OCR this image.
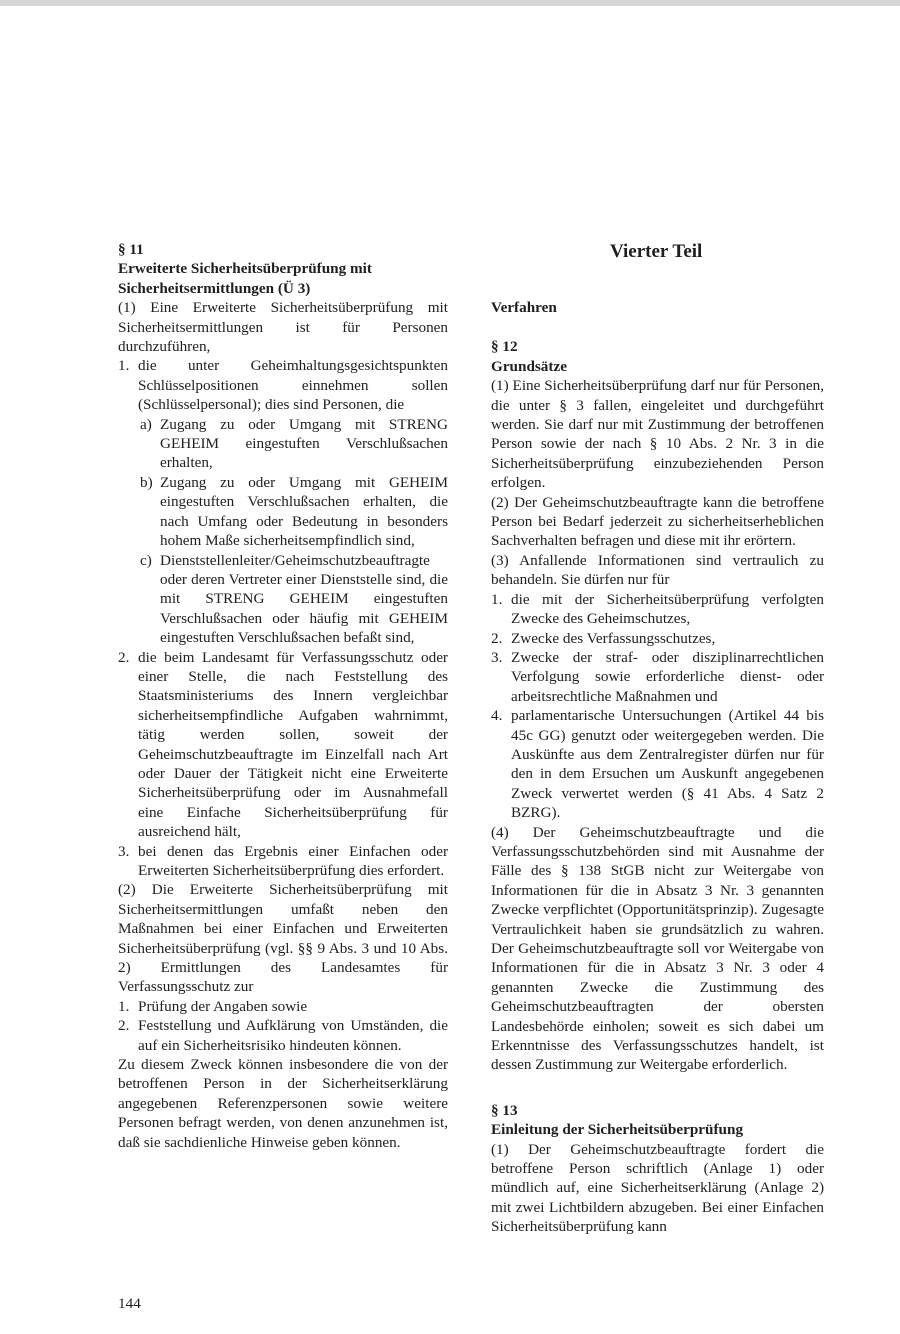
Vierter Teil

§ 11

Erweiterte Sicherheitsüberprüfung mit Sicherheitsermittlungen (Ü 3)

(1) Eine Erweiterte Sicherheitsüberprüfung mit Sicherheitsermittlungen ist für Personen durchzuführen,

1. die unter Geheimhaltungsgesichtspunkten Schlüsselpositionen einnehmen sollen (Schlüsselpersonal); dies sind Personen, die
a) Zugang zu oder Umgang mit STRENG GEHEIM eingestuften Verschlußsachen erhalten,
b) Zugang zu oder Umgang mit GEHEIM eingestuften Verschlußsachen erhalten, die nach Umfang oder Bedeutung in besonders hohem Maße sicherheitsempfindlich sind,
c) Dienststellenleiter/Geheimschutzbeauftragte oder deren Vertreter einer Dienststelle sind, die mit STRENG GEHEIM eingestuften Verschlußsachen oder häufig mit GEHEIM eingestuften Verschlußsachen befaßt sind,
2. die beim Landesamt für Verfassungsschutz oder einer Stelle, die nach Feststellung des Staatsministeriums des Innern vergleichbar sicherheitsempfindliche Aufgaben wahrnimmt, tätig werden sollen, soweit der Geheimschutzbeauftragte im Einzelfall nach Art oder Dauer der Tätigkeit nicht eine Erweiterte Sicherheitsüberprüfung oder im Ausnahmefall eine Einfache Sicherheitsüberprüfung für ausreichend hält,
3. bei denen das Ergebnis einer Einfachen oder Erweiterten Sicherheitsüberprüfung dies erfordert.

(2) Die Erweiterte Sicherheitsüberprüfung mit Sicherheitsermittlungen umfaßt neben den Maßnahmen bei einer Einfachen und Erweiterten Sicherheitsüberprüfung (vgl. §§ 9 Abs. 3 und 10 Abs. 2) Ermittlungen des Landesamtes für Verfassungsschutz zur

1. Prüfung der Angaben sowie
2. Feststellung und Aufklärung von Umständen, die auf ein Sicherheitsrisiko hindeuten können.

Zu diesem Zweck können insbesondere die von der betroffenen Person in der Sicherheitserklärung angegebenen Referenzpersonen sowie weitere Personen befragt werden, von denen anzunehmen ist, daß sie sachdienliche Hinweise geben können.

Verfahren

§ 12

Grundsätze

(1) Eine Sicherheitsüberprüfung darf nur für Personen, die unter § 3 fallen, eingeleitet und durchgeführt werden. Sie darf nur mit Zustimmung der betroffenen Person sowie der nach § 10 Abs. 2 Nr. 3 in die Sicherheitsüberprüfung einzubeziehenden Person erfolgen.

(2) Der Geheimschutzbeauftragte kann die betroffene Person bei Bedarf jederzeit zu sicherheitserheblichen Sachverhalten befragen und diese mit ihr erörtern.

(3) Anfallende Informationen sind vertraulich zu behandeln. Sie dürfen nur für

1. die mit der Sicherheitsüberprüfung verfolgten Zwecke des Geheimschutzes,
2. Zwecke des Verfassungsschutzes,
3. Zwecke der straf- oder disziplinarrechtlichen Verfolgung sowie erforderliche dienst- oder arbeitsrechtliche Maßnahmen und
4. parlamentarische Untersuchungen (Artikel 44 bis 45c GG) genutzt oder weitergegeben werden. Die Auskünfte aus dem Zentralregister dürfen nur für den in dem Ersuchen um Auskunft angegebenen Zweck verwertet werden (§ 41 Abs. 4 Satz 2 BZRG).

(4) Der Geheimschutzbeauftragte und die Verfassungsschutzbehörden sind mit Ausnahme der Fälle des § 138 StGB nicht zur Weitergabe von Informationen für die in Absatz 3 Nr. 3 genannten Zwecke verpflichtet (Opportunitätsprinzip). Zugesagte Vertraulichkeit haben sie grundsätzlich zu wahren. Der Geheimschutzbeauftragte soll vor Weitergabe von Informationen für die in Absatz 3 Nr. 3 oder 4 genannten Zwecke die Zustimmung des Geheimschutzbeauftragten der obersten Landesbehörde einholen; soweit es sich dabei um Erkenntnisse des Verfassungsschutzes handelt, ist dessen Zustimmung zur Weitergabe erforderlich.

§ 13

Einleitung der Sicherheitsüberprüfung

(1) Der Geheimschutzbeauftragte fordert die betroffene Person schriftlich (Anlage 1) oder mündlich auf, eine Sicherheitserklärung (Anlage 2) mit zwei Lichtbildern abzugeben. Bei einer Einfachen Sicherheitsüberprüfung kann

144
